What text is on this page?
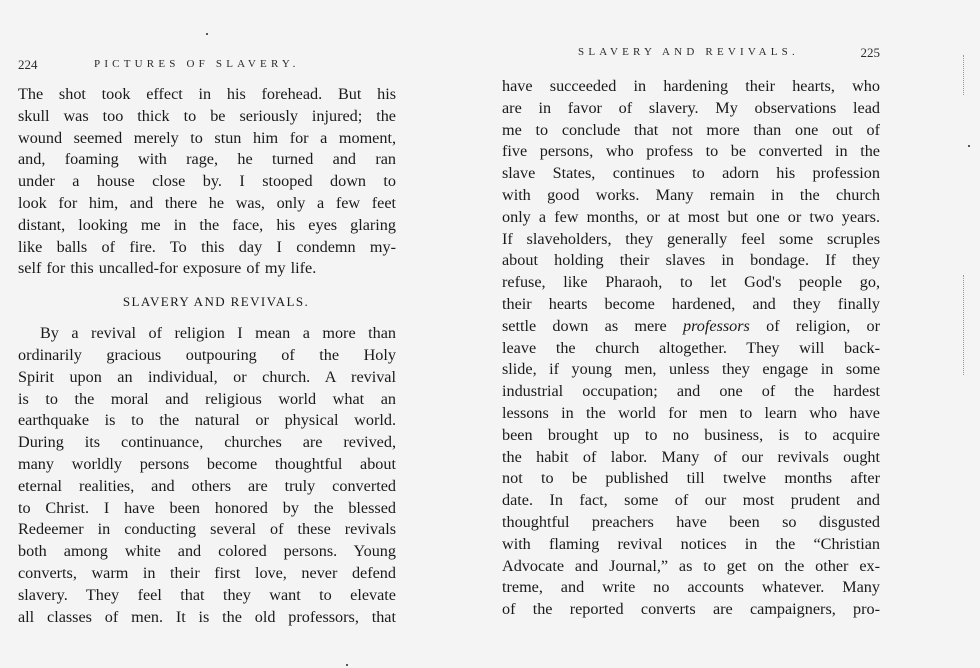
224	PICTURES OF SLAVERY.
The shot took effect in his forehead. But his
skull was too thick to be seriously injured; the
wound seemed merely to stun him for a moment,
and, foaming with rage, he turned and ran
under a house close by. I stooped down to
look for him, and there he was, only a few feet
distant, looking me in the face, his eyes glaring
like balls of fire. To this day I condemn my-
self for this uncalled-for exposure of my life.
SLAVERY AND REVIVALS.
By a revival of religion I mean a more than
ordinarily gracious outpouring of the Holy
Spirit upon an individual, or church. A revival
is to the moral and religious world what an
earthquake is to the natural or physical world.
During its continuance, churches are revived,
many worldly persons become thoughtful about
eternal realities, and others are truly converted
to Christ. I have been honored by the blessed
Redeemer in conducting several of these revivals
both among white and colored persons. Young
converts, warm in their first love, never defend
slavery. They feel that they want to elevate
all classes of men. It is the old professors, that
SLAVERY AND REVIVALS.	225
have succeeded in hardening their hearts, who
are in favor of slavery. My observations lead
me to conclude that not more than one out of
five persons, who profess to be converted in the
slave States, continues to adorn his profession
with good works. Many remain in the church
only a few months, or at most but one or two years.
If slaveholders, they generally feel some scruples
about holding their slaves in bondage. If they
refuse, like Pharaoh, to let God's people go,
their hearts become hardened, and they finally
settle down as mere professors of religion, or
leave the church altogether. They will back-
slide, if young men, unless they engage in some
industrial occupation; and one of the hardest
lessons in the world for men to learn who have
been brought up to no business, is to acquire
the habit of labor. Many of our revivals ought
not to be published till twelve months after
date. In fact, some of our most prudent and
thoughtful preachers have been so disgusted
with flaming revival notices in the “Christian
Advocate and Journal,” as to get on the other ex-
treme, and write no accounts whatever. Many
of the reported converts are campaigners, pro-
